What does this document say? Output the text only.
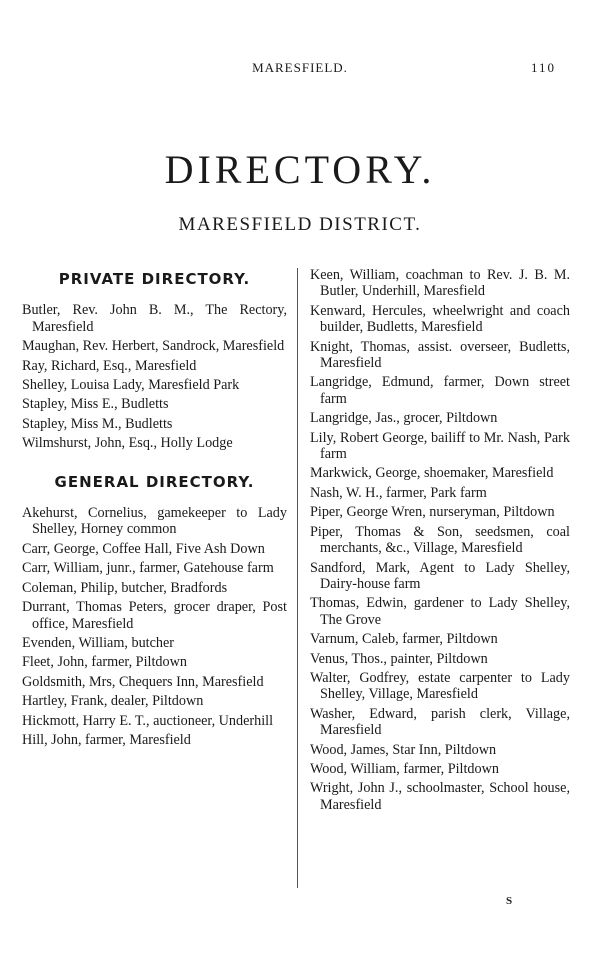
MARESFIELD.	110
DIRECTORY.
MARESFIELD DISTRICT.
PRIVATE DIRECTORY.
Butler, Rev. John B. M., The Rectory, Maresfield
Maughan, Rev. Herbert, Sandrock, Maresfield
Ray, Richard, Esq., Maresfield
Shelley, Louisa Lady, Maresfield Park
Stapley, Miss E., Budletts
Stapley, Miss M., Budletts
Wilmshurst, John, Esq., Holly Lodge
GENERAL DIRECTORY.
Akehurst, Cornelius, gamekeeper to Lady Shelley, Horney common
Carr, George, Coffee Hall, Five Ash Down
Carr, William, junr., farmer, Gatehouse farm
Coleman, Philip, butcher, Bradfords
Durrant, Thomas Peters, grocer draper, Post office, Maresfield
Evenden, William, butcher
Fleet, John, farmer, Piltdown
Goldsmith, Mrs, Chequers Inn, Maresfield
Hartley, Frank, dealer, Piltdown
Hickmott, Harry E. T., auctioneer, Underhill
Hill, John, farmer, Maresfield
Keen, William, coachman to Rev. J. B. M. Butler, Underhill, Maresfield
Kenward, Hercules, wheelwright and coach builder, Budletts, Maresfield
Knight, Thomas, assist. overseer, Budletts, Maresfield
Langridge, Edmund, farmer, Down street farm
Langridge, Jas., grocer, Piltdown
Lily, Robert George, bailiff to Mr. Nash, Park farm
Markwick, George, shoemaker, Maresfield
Nash, W. H., farmer, Park farm
Piper, George Wren, nurseryman, Piltdown
Piper, Thomas & Son, seedsmen, coal merchants, &c., Village, Maresfield
Sandford, Mark, Agent to Lady Shelley, Dairy-house farm
Thomas, Edwin, gardener to Lady Shelley, The Grove
Varnum, Caleb, farmer, Piltdown
Venus, Thos., painter, Piltdown
Walter, Godfrey, estate carpenter to Lady Shelley, Village, Maresfield
Washer, Edward, parish clerk, Village, Maresfield
Wood, James, Star Inn, Piltdown
Wood, William, farmer, Piltdown
Wright, John J., schoolmaster, School house, Maresfield
S
